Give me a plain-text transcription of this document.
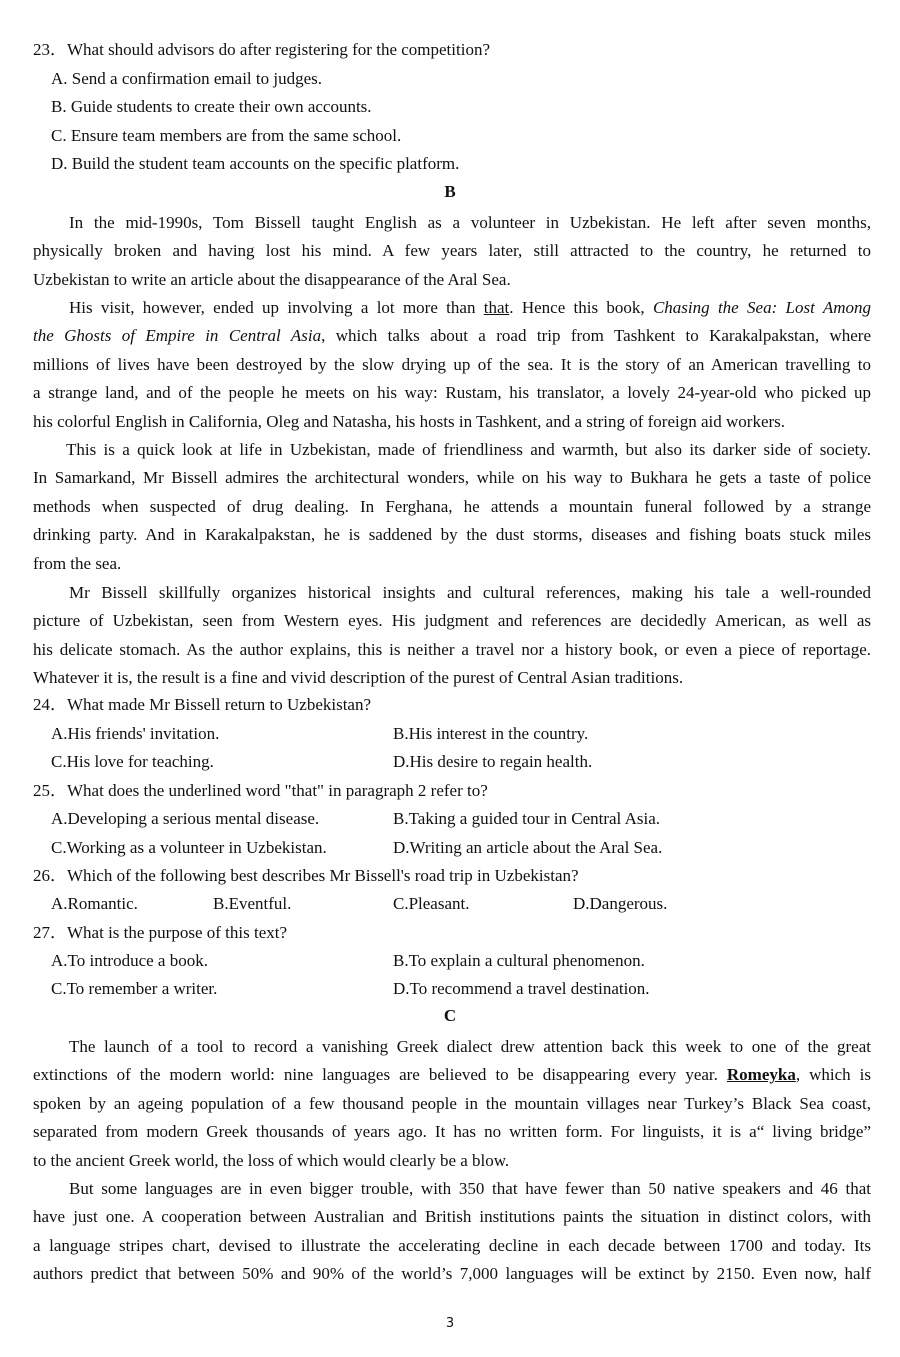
23．What should advisors do after registering for the competition?
A. Send a confirmation email to judges.
B. Guide students to create their own accounts.
C. Ensure team members are from the same school.
D. Build the student team accounts on the specific platform.
B
In the mid-1990s, Tom Bissell taught English as a volunteer in Uzbekistan. He left after seven months,
physically broken and having lost his mind. A few years later, still attracted to the country, he returned to
Uzbekistan to write an article about the disappearance of the Aral Sea.
His visit, however, ended up involving a lot more than that. Hence this book, Chasing the Sea: Lost Among
the Ghosts of Empire in Central Asia, which talks about a road trip from Tashkent to Karakalpakstan, where
millions of lives have been destroyed by the slow drying up of the sea. It is the story of an American travelling to
a strange land, and of the people he meets on his way: Rustam, his translator, a lovely 24-year-old who picked up
his colorful English in California, Oleg and Natasha, his hosts in Tashkent, and a string of foreign aid workers.
This is a quick look at life in Uzbekistan, made of friendliness and warmth, but also its darker side of society.
In Samarkand, Mr Bissell admires the architectural wonders, while on his way to Bukhara he gets a taste of police
methods when suspected of drug dealing. In Ferghana, he attends a mountain funeral followed by a strange
drinking party. And in Karakalpakstan, he is saddened by the dust storms, diseases and fishing boats stuck miles
from the sea.
Mr Bissell skillfully organizes historical insights and cultural references, making his tale a well-rounded
picture of Uzbekistan, seen from Western eyes. His judgment and references are decidedly American, as well as
his delicate stomach. As the author explains, this is neither a travel nor a history book, or even a piece of reportage.
Whatever it is, the result is a fine and vivid description of the purest of Central Asian traditions.
24．What made Mr Bissell return to Uzbekistan?
A.His friends' invitation.	B.His interest in the country.
C.His love for teaching.	D.His desire to regain health.
25．What does the underlined word "that" in paragraph 2 refer to?
A.Developing a serious mental disease.	B.Taking a guided tour in Central Asia.
C.Working as a volunteer in Uzbekistan.	D.Writing an article about the Aral Sea.
26．Which of the following best describes Mr Bissell's road trip in Uzbekistan?
A.Romantic.	B.Eventful.	C.Pleasant.	D.Dangerous.
27．What is the purpose of this text?
A.To introduce a book.	B.To explain a cultural phenomenon.
C.To remember a writer.	D.To recommend a travel destination.
C
The launch of a tool to record a vanishing Greek dialect drew attention back this week to one of the great
extinctions of the modern world: nine languages are believed to be disappearing every year. Romeyka, which is
spoken by an ageing population of a few thousand people in the mountain villages near Turkey’s Black Sea coast,
separated from modern Greek thousands of years ago. It has no written form. For linguists, it is a“ living bridge”
to the ancient Greek world, the loss of which would clearly be a blow.
But some languages are in even bigger trouble, with 350 that have fewer than 50 native speakers and 46 that
have just one. A cooperation between Australian and British institutions paints the situation in distinct colors, with
a language stripes chart, devised to illustrate the accelerating decline in each decade between 1700 and today. Its
authors predict that between 50% and 90% of the world’s 7,000 languages will be extinct by 2150. Even now, half
3
